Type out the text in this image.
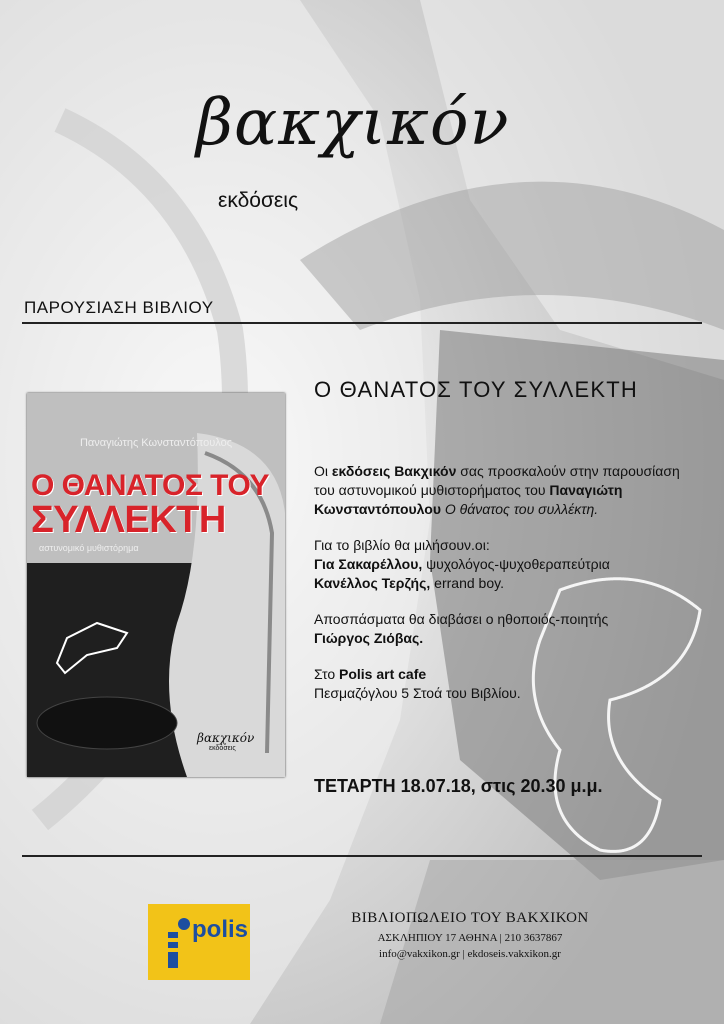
βακχικόν
εκδόσεις
ΠΑΡΟΥΣΙΑΣΗ ΒΙΒΛΙΟΥ
Ο ΘΑΝΑΤΟΣ ΤΟΥ ΣΥΛΛΕΚΤΗ
Παναγιώτης Κωνσταντόπουλος
Ο ΘΑΝΑΤΟΣ ΤΟΥ
ΣΥΛΛΕΚΤΗ
αστυνομικό μυθιστόρημα
βακχικόν
εκδόσεις

Οι εκδόσεις Βακχικόν σας προσκαλούν στην παρουσίαση του αστυνομικού μυθιστορήματος του Παναγιώτη Κωνσταντόπουλου Ο θάνατος του συλλέκτη.

Για το βιβλίο θα μιλήσουν.οι:
Για Σακαρέλλου, ψυχολόγος-ψυχοθεραπεύτρια
Κανέλλος Τερζής, errand boy.

Αποσπάσματα θα διαβάσει ο ηθοποιός-ποιητής
Γιώργος Ζιόβας.

Στο Polis art cafe
Πεσμαζόγλου 5 Στοά του Βιβλίου.

ΤΕΤΑΡΤΗ 18.07.18, στις 20.30 μ.μ.
polis	ΒΙΒΛΙΟΠΩΛΕΙΟ ΤΟΥ ΒΑΚΧΙΚΟΝ
ΑΣΚΛΗΠΙΟΥ 17 ΑΘΗΝΑ | 210 3637867
info@vakxikon.gr | ekdoseis.vakxikon.gr
